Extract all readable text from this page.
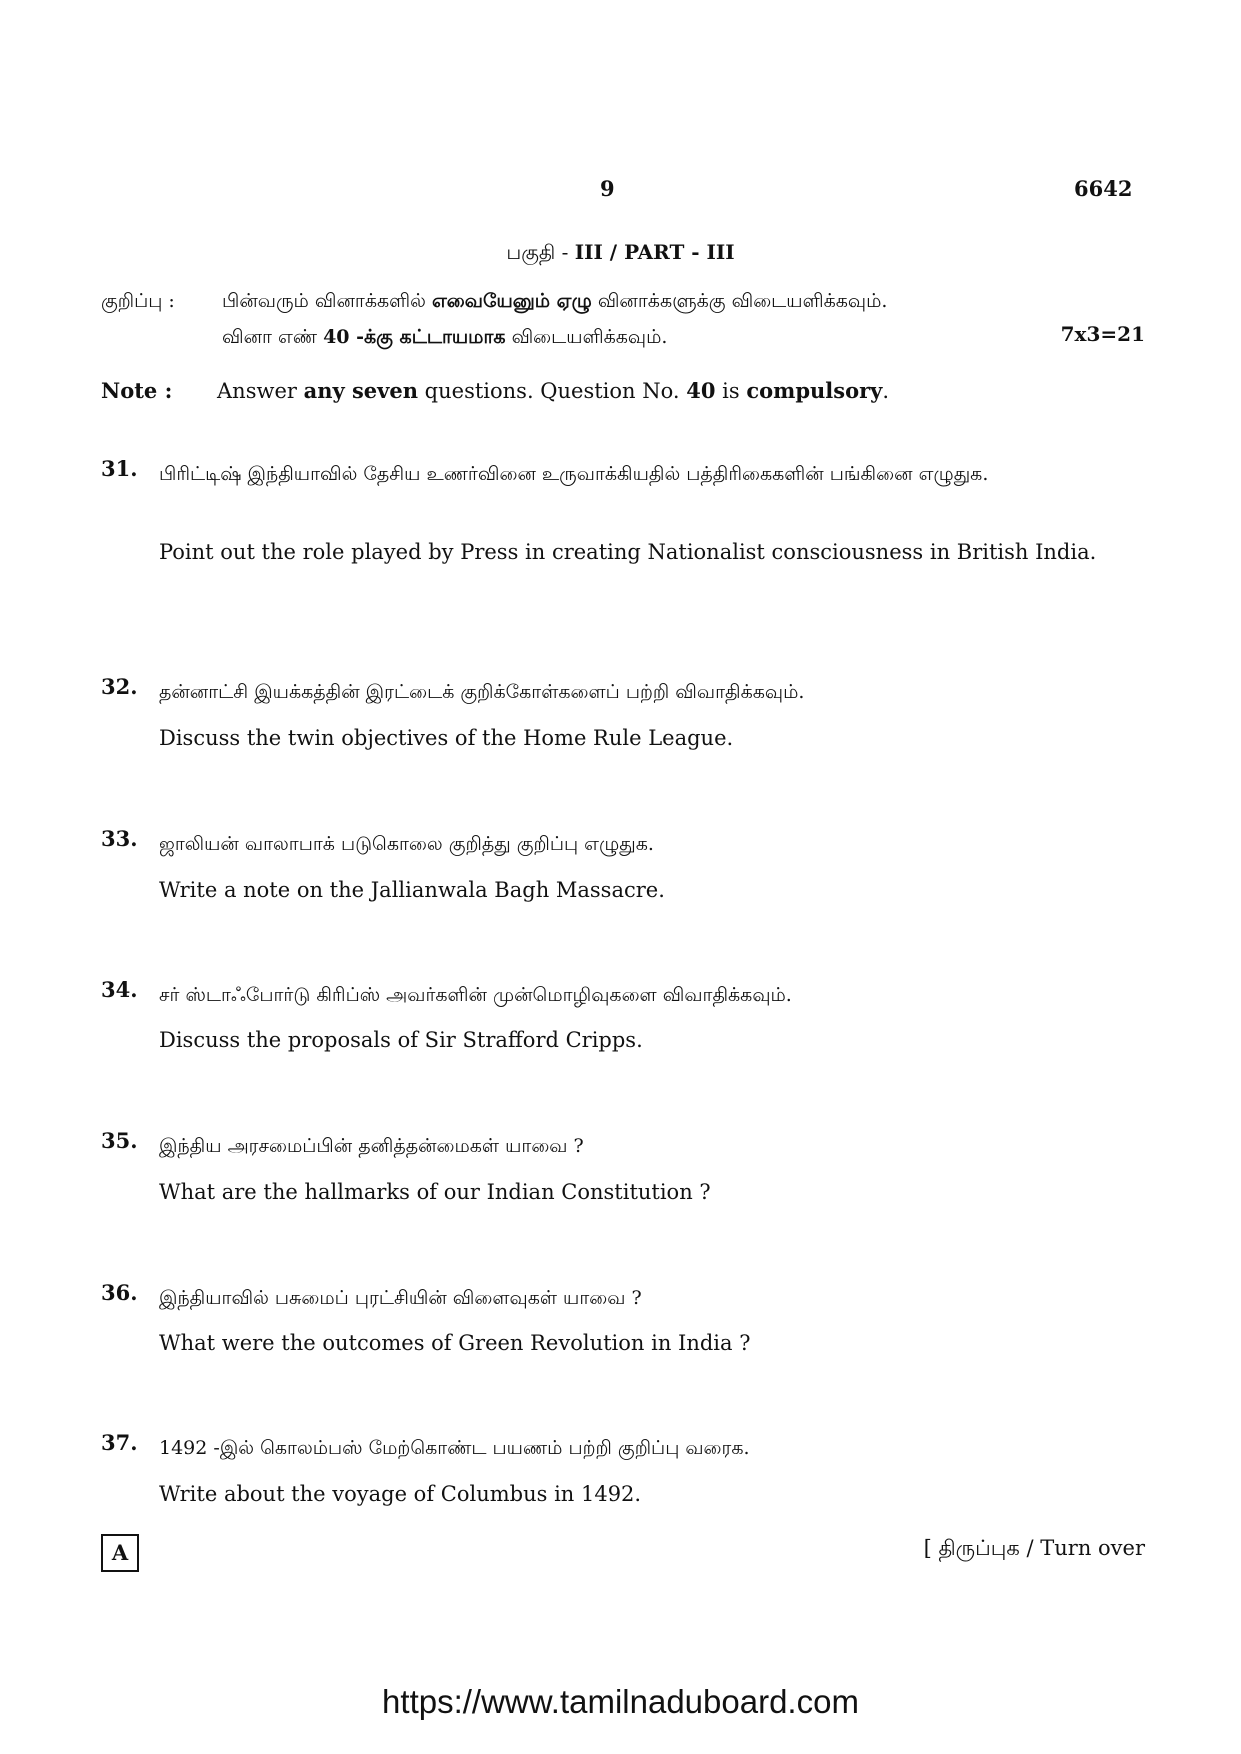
9	6642
பகுதி - III / PART - III
குறிப்பு : பின்வரும் வினாக்களில் எவையேனும் ஏழு வினாக்களுக்கு விடையளிக்கவும்.
வினா எண் 40 -க்கு கட்டாயமாக விடையளிக்கவும்.	7x3=21
Note : Answer any seven questions. Question No. 40 is compulsory.
31. பிரிட்டிஷ் இந்தியாவில் தேசிய உணர்வினை உருவாக்கியதில் பத்திரிகைகளின் பங்கினை எழுதுக.
Point out the role played by Press in creating Nationalist consciousness in British India.
32. தன்னாட்சி இயக்கத்தின் இரட்டைக் குறிக்கோள்களைப் பற்றி விவாதிக்கவும்.
Discuss the twin objectives of the Home Rule League.
33. ஜாலியன் வாலாபாக் படுகொலை குறித்து குறிப்பு எழுதுக.
Write a note on the Jallianwala Bagh Massacre.
34. சர் ஸ்டாஃபோர்டு கிரிப்ஸ் அவர்களின் முன்மொழிவுகளை விவாதிக்கவும்.
Discuss the proposals of Sir Strafford Cripps.
35. இந்திய அரசமைப்பின் தனித்தன்மைகள் யாவை ?
What are the hallmarks of our Indian Constitution ?
36. இந்தியாவில் பசுமைப் புரட்சியின் விளைவுகள் யாவை ?
What were the outcomes of Green Revolution in India ?
37. 1492 -இல் கொலம்பஸ் மேற்கொண்ட பயணம் பற்றி குறிப்பு வரைக.
Write about the voyage of Columbus in 1492.
A	[ திருப்புக / Turn over
https://www.tamilnaduboard.com
